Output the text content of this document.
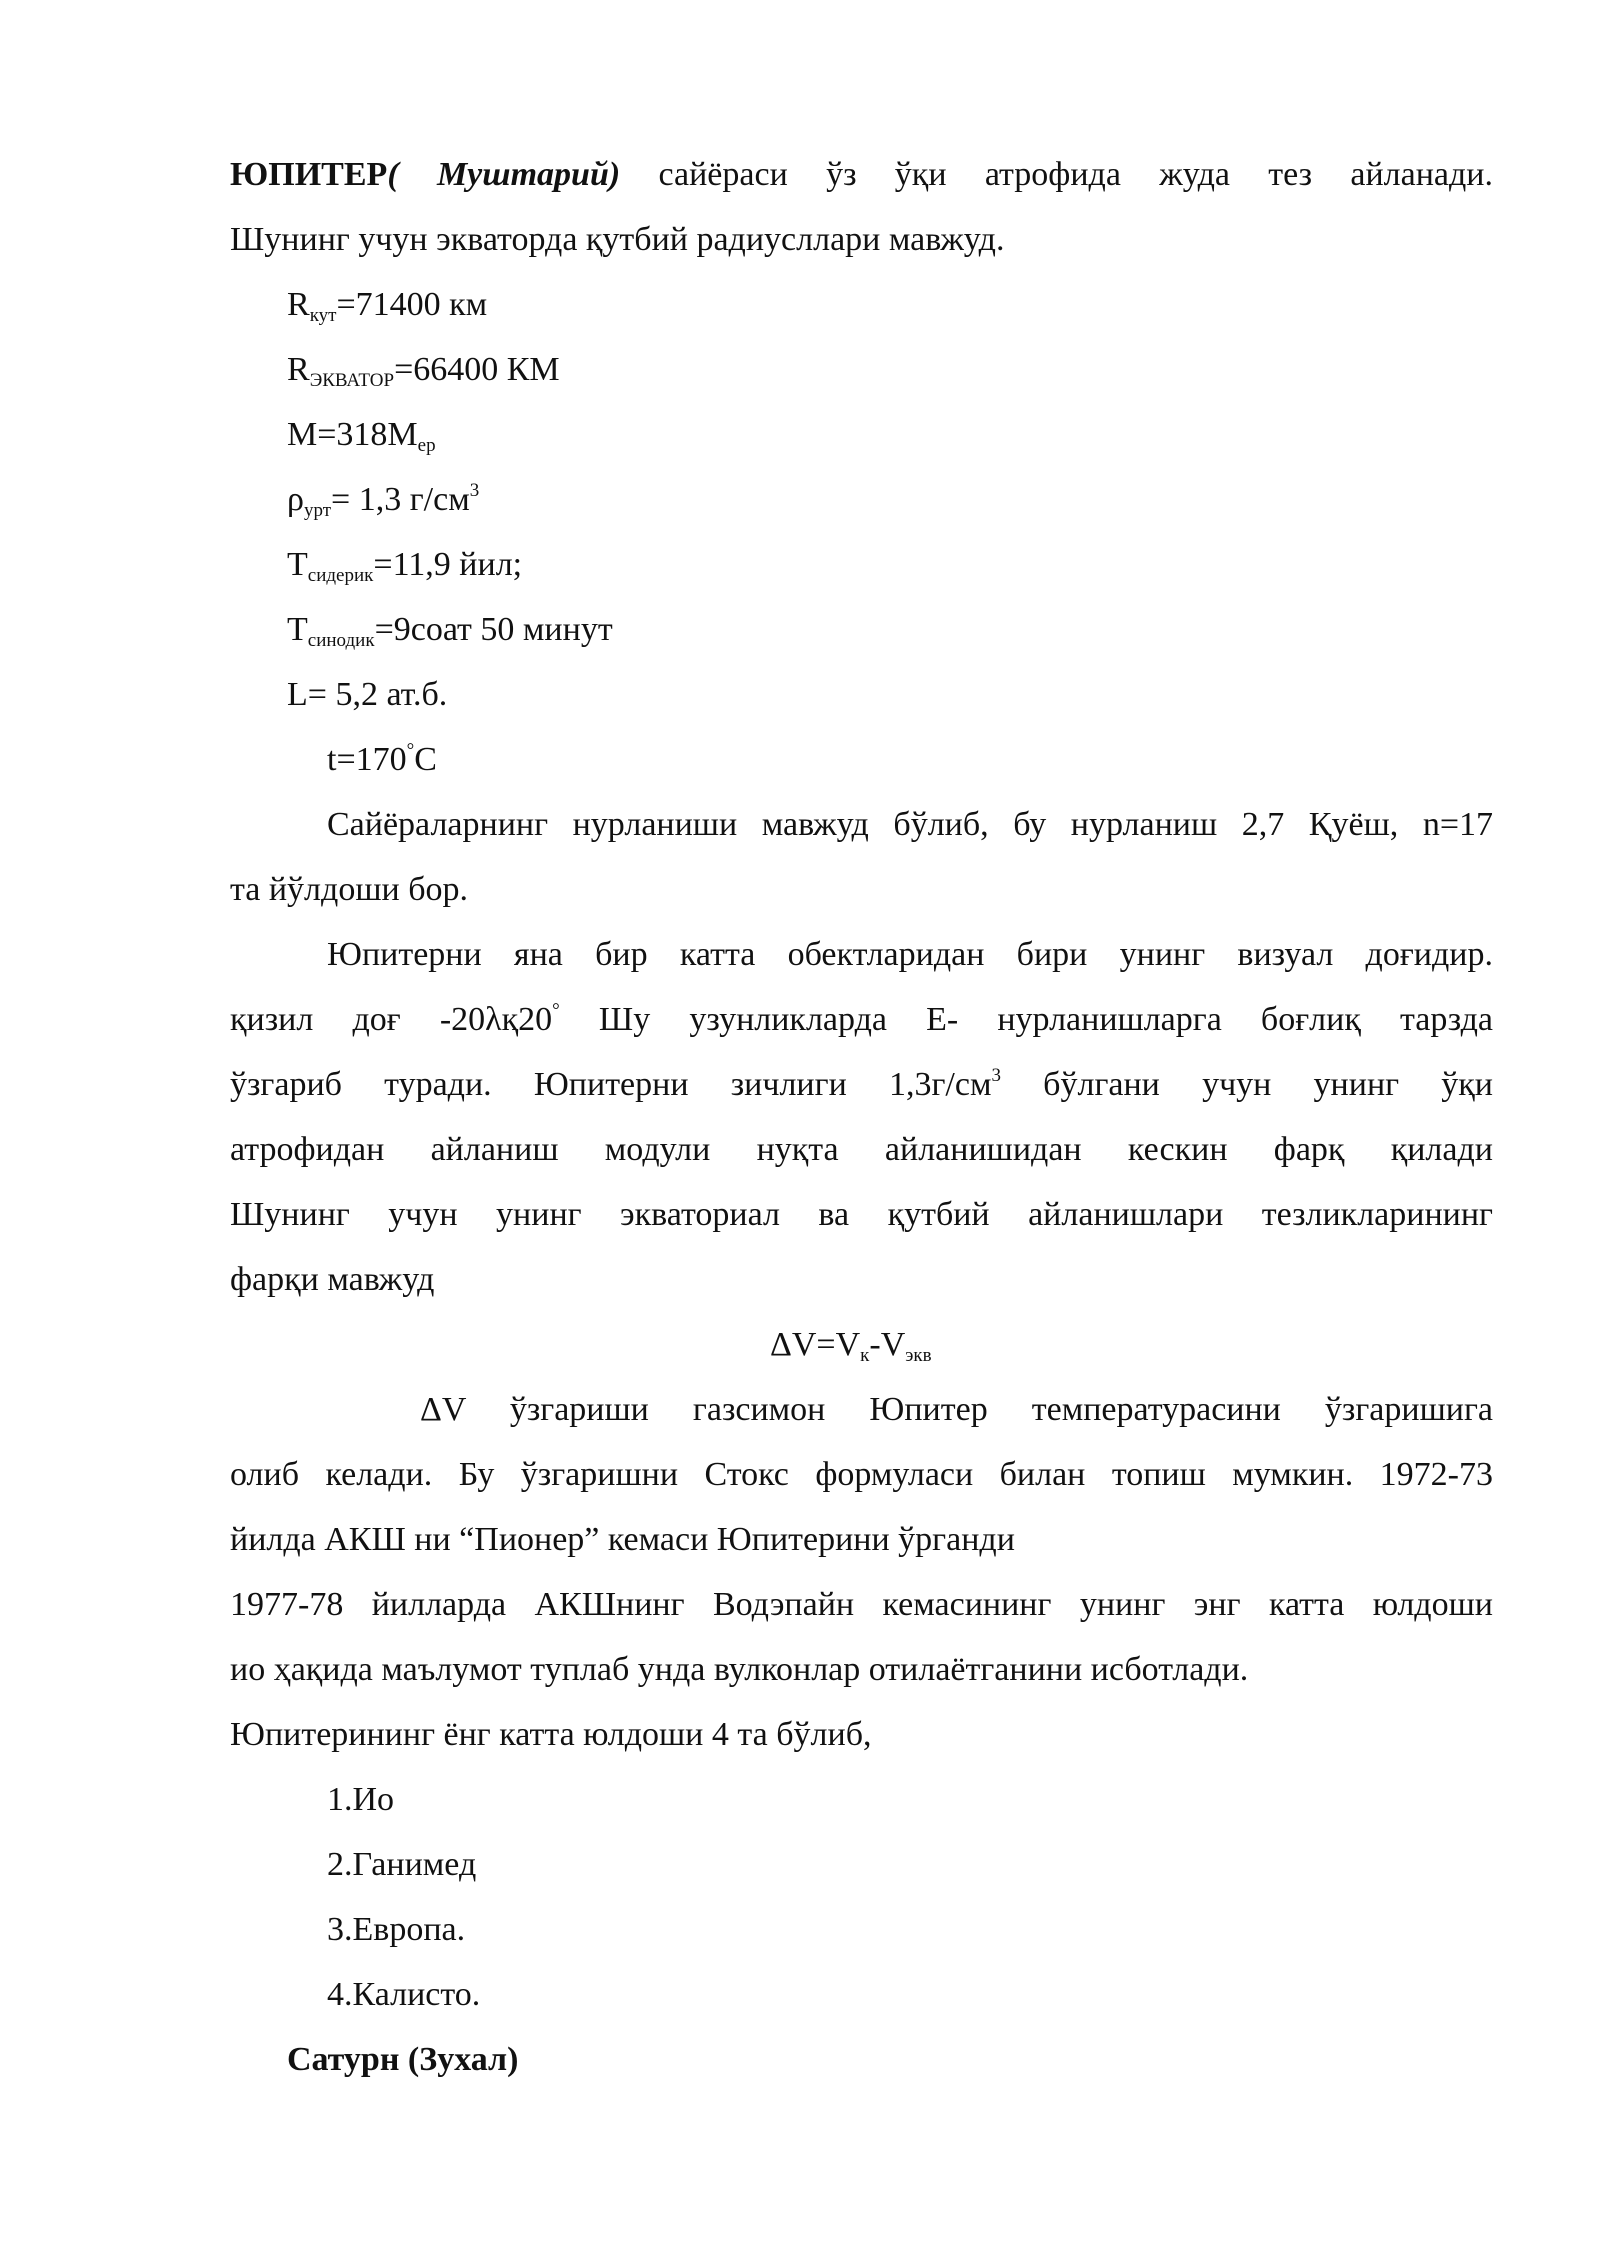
ЮПИТЕР( Муштарий) сайёраси ўз ўқи атрофида жуда тез айланади.
Шунинг учун экваторда қутбий радиусллари мавжуд.
$R_{кут}=71400$ км
$R_{ЭКВАТОР}=66400$ КМ
$М=318М_{ер}$
$\rho_{урт}= 1,3$ $г/см^3$
$Т_{сидерик}=11,9$ йил;
$Т_{синодик}=9соат$ 50 минут
L= 5,2 ат.б.
t=170°C
Сайёраларнинг нурланиши мавжуд бўлиб, бу нурланиш 2,7 Қуёш, n=17
та йўлдоши бор.
Юпитерни яна бир катта обектларидан бири унинг визуал доғидир.
қизил доғ -20λқ20° Шу узунликларда Е- нурланишларга боғлиқ тарзда
ўзгариб туради. Юпитерни зичлиги $1,3г/см^3$ бўлгани учун унинг ўқи
атрофидан айланиш модули нуқта айланишидан кескин фарқ қилади
Шунинг учун унинг экваториал ва қутбий айланишлари тезликларининг
фарқи мавжуд
$\Delta V=V_к-V_{экв}$
ΔV ўзгариши газсимон Юпитер температурасини ўзгаришига
олиб келади. Бу ўзгаришни Стокс формуласи билан топиш мумкин. 1972-73
йилда АКШ ни “Пионер” кемаси Юпитерини ўрганди
1977-78 йилларда АКШнинг Водэпайн кемасининг унинг энг катта юлдоши
ио ҳақида маълумот туплаб унда вулконлар отилаётганини исботлади.
Юпитерининг ёнг катта юлдоши 4 та бўлиб,
1.Ио
2.Ганимед
3.Европа.
4.Калисто.
Сатурн (Зухал)
